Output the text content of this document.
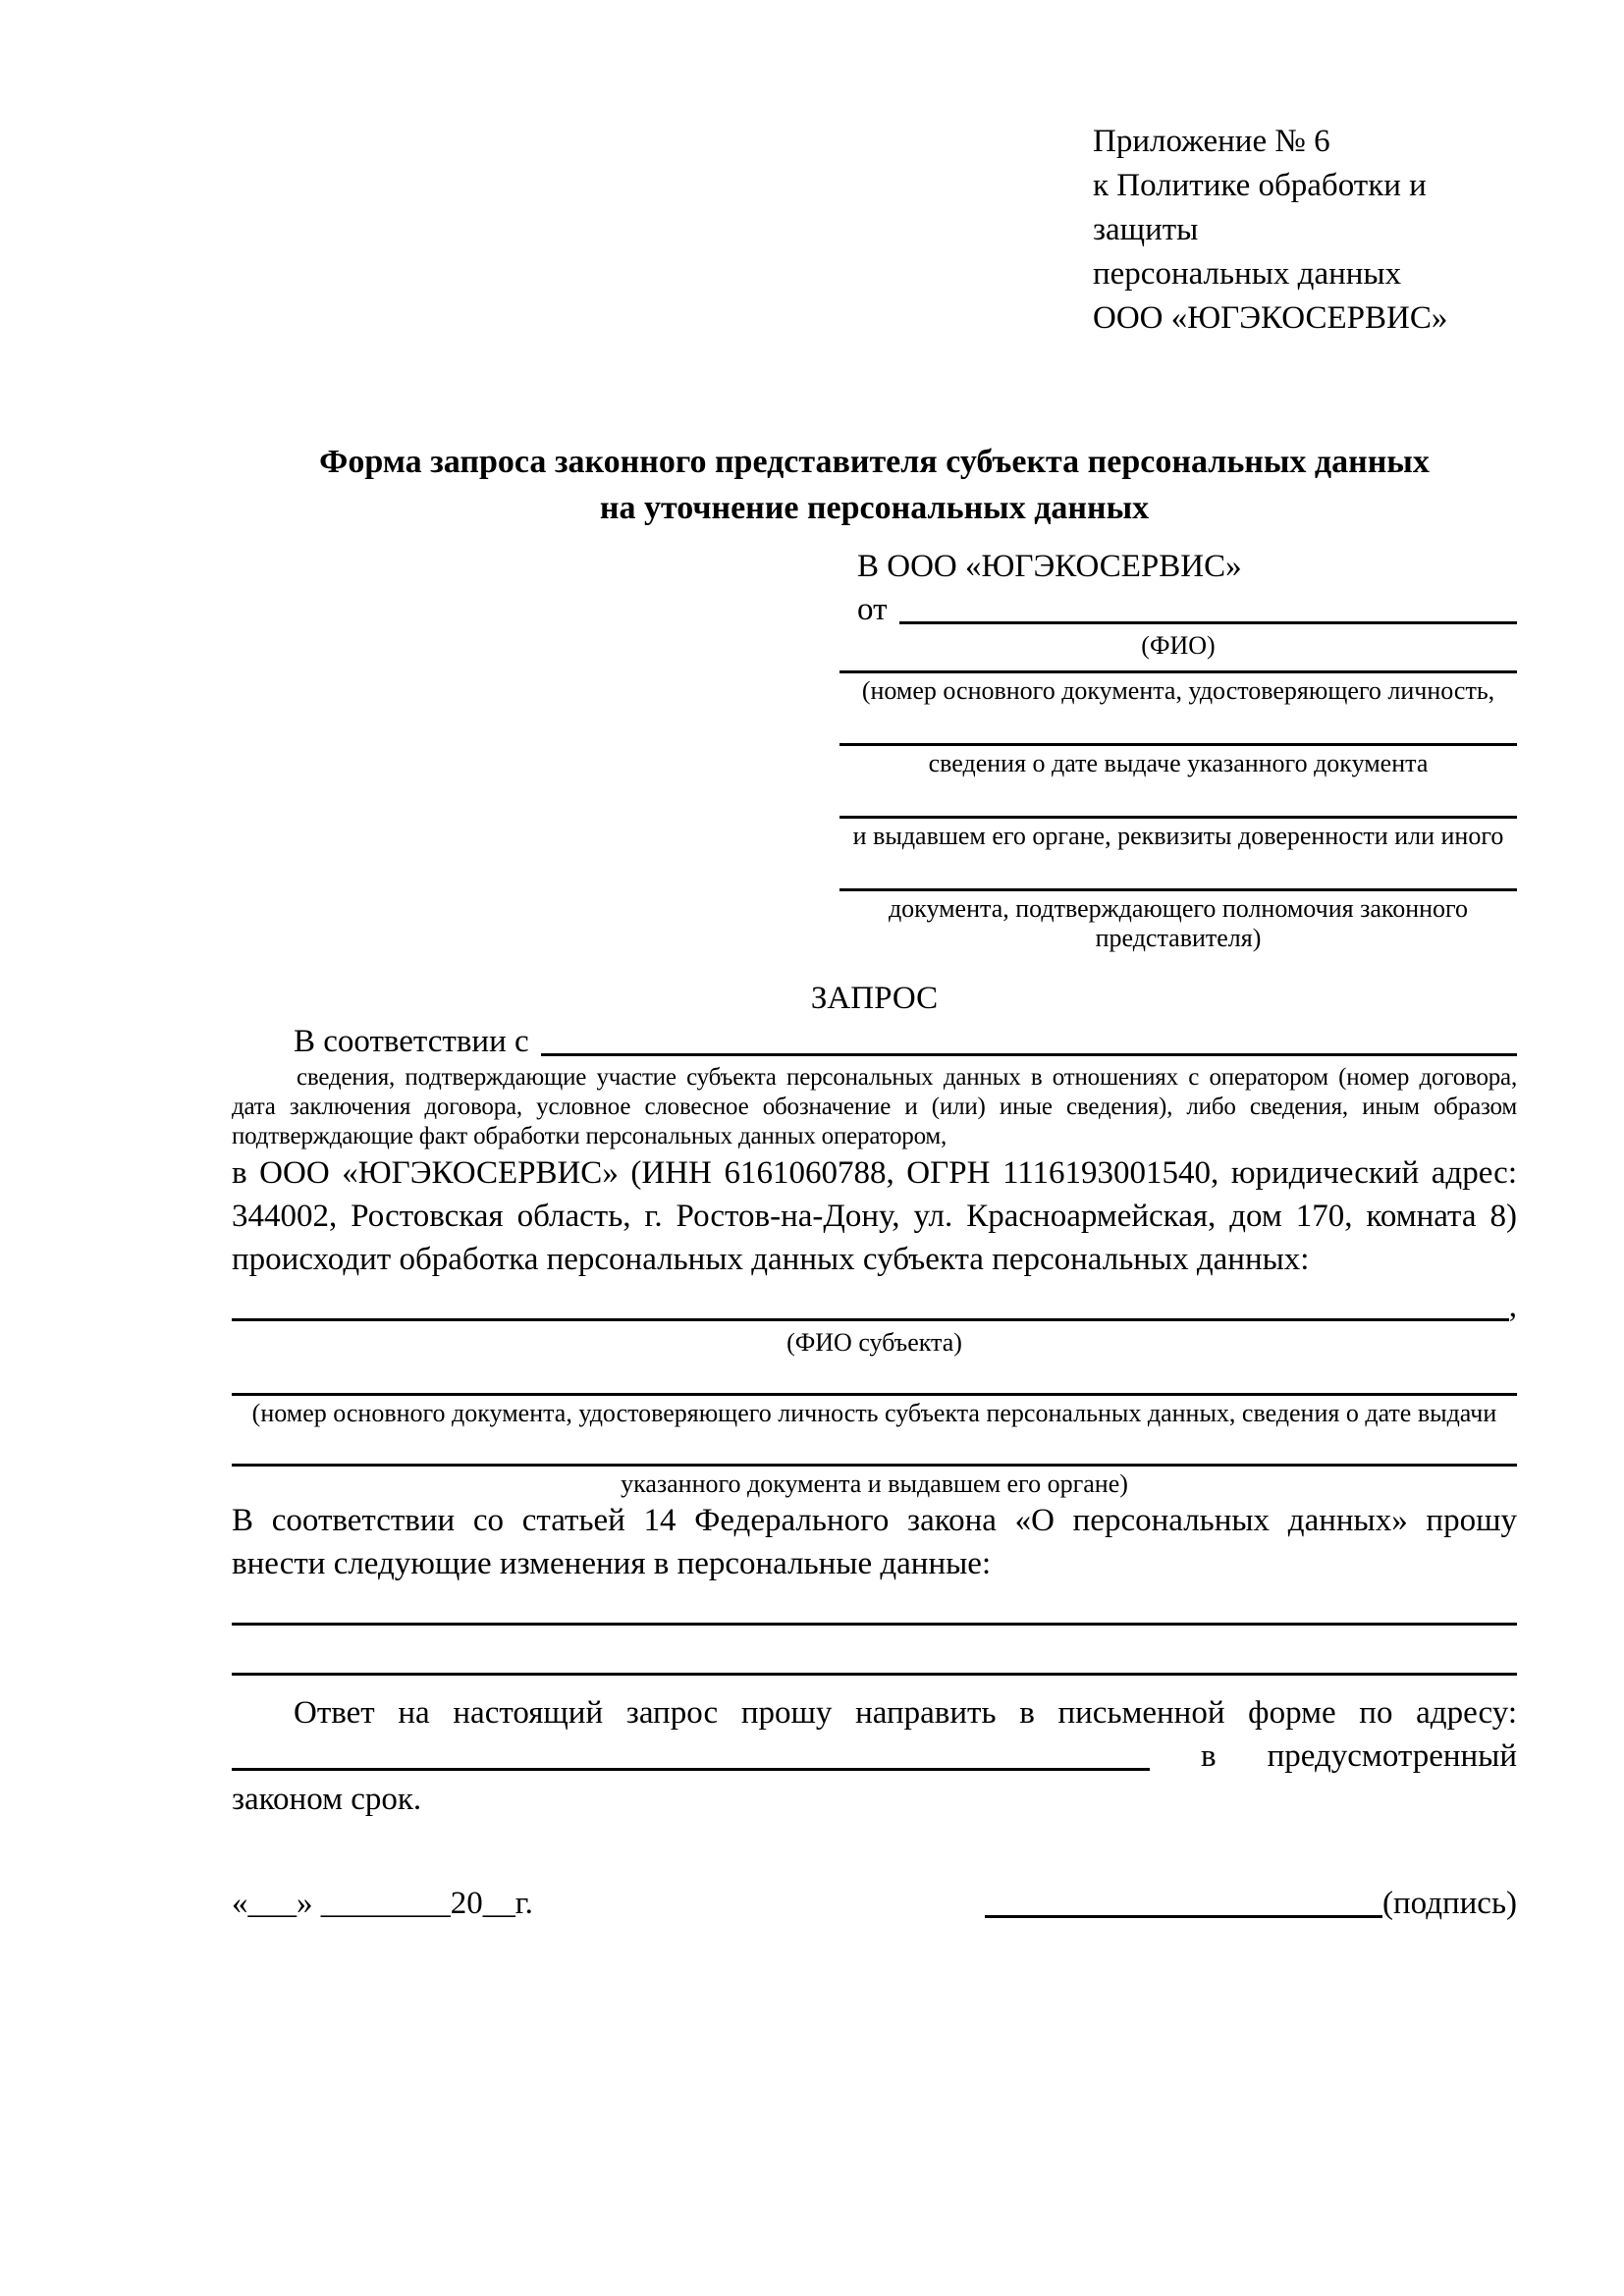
Приложение № 6
к Политике обработки и защиты
персональных данных
ООО «ЮГЭКОСЕРВИС»
Форма запроса законного представителя субъекта персональных данных
на уточнение персональных данных
В ООО «ЮГЭКОСЕРВИС»
от
(ФИО)
(номер основного документа, удостоверяющего личность,
сведения о дате выдаче указанного документа
и выдавшем его органе, реквизиты доверенности или иного
документа, подтверждающего полномочия законного представителя)
ЗАПРОС
В соответствии с
сведения, подтверждающие участие субъекта персональных данных в отношениях с оператором (номер договора, дата заключения договора, условное словесное обозначение и (или) иные сведения), либо сведения, иным образом подтверждающие факт обработки персональных данных оператором,
в ООО «ЮГЭКОСЕРВИС» (ИНН 6161060788, ОГРН 1116193001540, юридический адрес: 344002, Ростовская область, г. Ростов-на-Дону, ул. Красноармейская, дом 170, комната 8) происходит обработка персональных данных субъекта персональных данных:
,
(ФИО субъекта)
(номер основного документа, удостоверяющего личность субъекта персональных данных, сведения о дате выдачи
указанного документа и выдавшем его органе)
В соответствии со статьей 14 Федерального закона «О персональных данных» прошу
внести следующие изменения в персональные данные:
Ответ на настоящий запрос прошу направить в письменной форме по адресу:
в предусмотренный
законом срок.
«___» ________20__г.	(подпись)
